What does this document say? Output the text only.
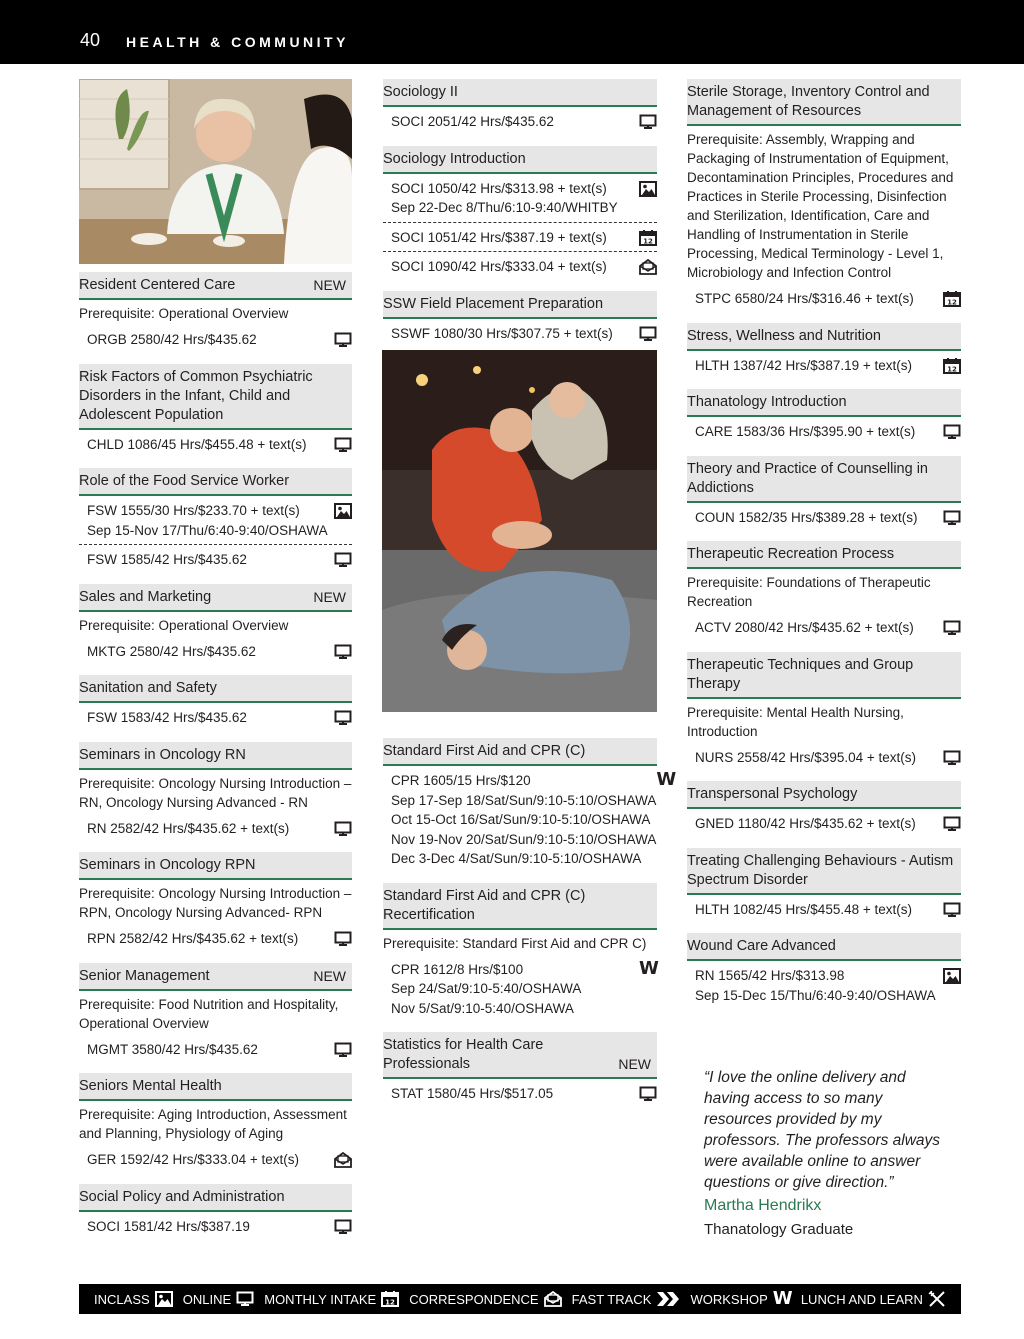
40 HEALTH & COMMUNITY
Resident Centered Care	NEW
Prerequisite: Operational Overview
ORGB 2580/42 Hrs/$435.62
Risk Factors of Common Psychiatric Disorders in the Infant, Child and Adolescent Population
CHLD 1086/45 Hrs/$455.48 + text(s)
Role of the Food Service Worker
FSW 1555/30 Hrs/$233.70 + text(s)
Sep 15-Nov 17/Thu/6:40-9:40/OSHAWA
FSW 1585/42 Hrs/$435.62
Sales and Marketing	NEW
Prerequisite: Operational Overview
MKTG 2580/42 Hrs/$435.62
Sanitation and Safety
FSW 1583/42 Hrs/$435.62
Seminars in Oncology RN
Prerequisite: Oncology Nursing Introduction – RN, Oncology Nursing Advanced - RN
RN 2582/42 Hrs/$435.62 + text(s)
Seminars in Oncology RPN
Prerequisite: Oncology Nursing Introduction – RPN, Oncology Nursing Advanced- RPN
RPN 2582/42 Hrs/$435.62 + text(s)
Senior Management	NEW
Prerequisite: Food Nutrition and Hospitality, Operational Overview
MGMT 3580/42 Hrs/$435.62
Seniors Mental Health
Prerequisite: Aging Introduction, Assessment and Planning, Physiology of Aging
GER 1592/42 Hrs/$333.04 + text(s)
Social Policy and Administration
SOCI 1581/42 Hrs/$387.19
Sociology II
SOCI 2051/42 Hrs/$435.62
Sociology Introduction
SOCI 1050/42 Hrs/$313.98 + text(s)
Sep 22-Dec 8/Thu/6:10-9:40/WHITBY
SOCI 1051/42 Hrs/$387.19 + text(s)	12
SOCI 1090/42 Hrs/$333.04 + text(s)
SSW Field Placement Preparation
SSWF 1080/30 Hrs/$307.75 + text(s)
Standard First Aid and CPR (C)
CPR 1605/15 Hrs/$120
Sep 17-Sep 18/Sat/Sun/9:10-5:10/OSHAWA
Oct 15-Oct 16/Sat/Sun/9:10-5:10/OSHAWA
Nov 19-Nov 20/Sat/Sun/9:10-5:10/OSHAWA
Dec 3-Dec 4/Sat/Sun/9:10-5:10/OSHAWA
W
Standard First Aid and CPR (C) Recertification
Prerequisite: Standard First Aid and CPR C)
CPR 1612/8 Hrs/$100
Sep 24/Sat/9:10-5:40/OSHAWA
Nov 5/Sat/9:10-5:40/OSHAWA
W
Statistics for Health Care Professionals	NEW
STAT 1580/45 Hrs/$517.05
Sterile Storage, Inventory Control and Management of Resources
Prerequisite: Assembly, Wrapping and Packaging of Instrumentation of Equipment, Decontamination Principles, Procedures and Practices in Sterile Processing, Disinfection and Sterilization, Identification, Care and Handling of Instrumentation in Sterile Processing, Medical Terminology - Level 1, Microbiology and Infection Control
STPC 6580/24 Hrs/$316.46 + text(s)	12
Stress, Wellness and Nutrition
HLTH 1387/42 Hrs/$387.19 + text(s)	12
Thanatology Introduction
CARE 1583/36 Hrs/$395.90 + text(s)
Theory and Practice of Counselling in Addictions
COUN 1582/35 Hrs/$389.28 + text(s)
Therapeutic Recreation Process
Prerequisite: Foundations of Therapeutic Recreation
ACTV 2080/42 Hrs/$435.62 + text(s)
Therapeutic Techniques and Group Therapy
Prerequisite: Mental Health Nursing, Introduction
NURS 2558/42 Hrs/$395.04 + text(s)
Transpersonal Psychology
GNED 1180/42 Hrs/$435.62 + text(s)
Treating Challenging Behaviours - Autism Spectrum Disorder
HLTH 1082/45 Hrs/$455.48 + text(s)
Wound Care Advanced
RN 1565/42 Hrs/$313.98
Sep 15-Dec 15/Thu/6:40-9:40/OSHAWA
“I love the online delivery and having access to so many resources provided by my professors. The professors always were available online to answer questions or give direction.”
Martha Hendrikx
Thanatology Graduate
INCLASS	ONLINE	MONTHLY INTAKE 12 CORRESPONDENCE	FAST TRACK	WORKSHOP W LUNCH AND LEARN
